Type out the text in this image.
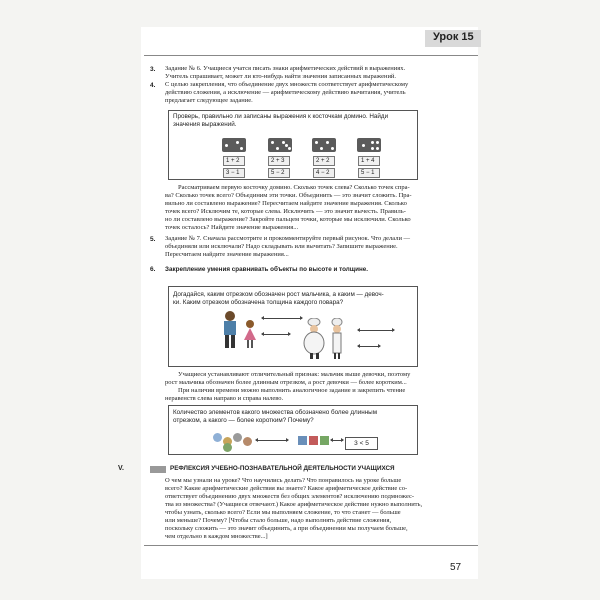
Урок 15
3. Задание № 6. Учащиеся учатся писать знаки арифметических действий в выражениях.
Учитель спрашивает, может ли кто-нибудь найти значения записанных выражений.
4. С целью закрепления, что объединение двух множеств соответствует арифметическому
действию сложения, а исключение — арифметическому действию вычитания, учитель
предлагает следующее задание.
Проверь, правильно ли записаны выражения к косточкам домино. Найди
значения выражений.
1 + 2
3 − 1
2 + 3
5 − 2
2 + 2
4 − 2
1 + 4
5 − 1
Рассматриваем первую косточку домино. Сколько точек слева? Сколько точек спра-
ва? Сколько точек всего? Объединим эти точки. Объединить — это значит сложить. Пра-
вильно ли составлено выражение? Пересчитаем найдите значение выражения. Сколько
точек всего? Исключим те, которые слева. Исключить — это значит вычесть. Правиль-
но ли составлено выражение? Закройте пальцем точки, которые мы исключили. Сколько
точек осталось? Найдите значение выражения...
5. Задание № 7. Сначала рассмотрите и прокомментируйте первый рисунок. Что делали —
объединяли или исключали? Надо складывать или вычитать? Запишите выражение.
Пересчитаем найдите значение выражения...
6. Закрепление умения сравнивать объекты по высоте и толщине.
Догадайся, каким отрезком обозначен рост мальчика, а каким — девоч-
ки. Каким отрезком обозначена толщина каждого повара?
Учащиеся устанавливают отличительный признак: мальчик выше девочки, поэтому
рост мальчика обозначен более длинным отрезком, а рост девочки — более коротким...
При наличии времени можно выполнить аналогичное задание и закрепить чтение
неравенств слева направо и справа налево.
Количество элементов какого множества обозначено более длинным
отрезком, а какого — более коротким? Почему?
3 < 5
V.	РЕФЛЕКСИЯ УЧЕБНО-ПОЗНАВАТЕЛЬНОЙ ДЕЯТЕЛЬНОСТИ УЧАЩИХСЯ
О чем мы узнали на уроке? Что научились делать? Что понравилось на уроке больше
всего? Какие арифметические действия вы знаете? Какое арифметическое действие со-
ответствует объединению двух множеств без общих элементов? исключению подмножес-
тва из множества? (Учащиеся отвечают.) Какое арифметическое действие нужно выполнить,
чтобы узнать, сколько всего? Если мы выполняем сложение, то что станет — больше
или меньше? Почему? [Чтобы стало больше, надо выполнять действие сложения,
поскольку сложить — это значит объединить, а при объединении мы получаем больше,
чем отдельно в каждом множестве...]
57
